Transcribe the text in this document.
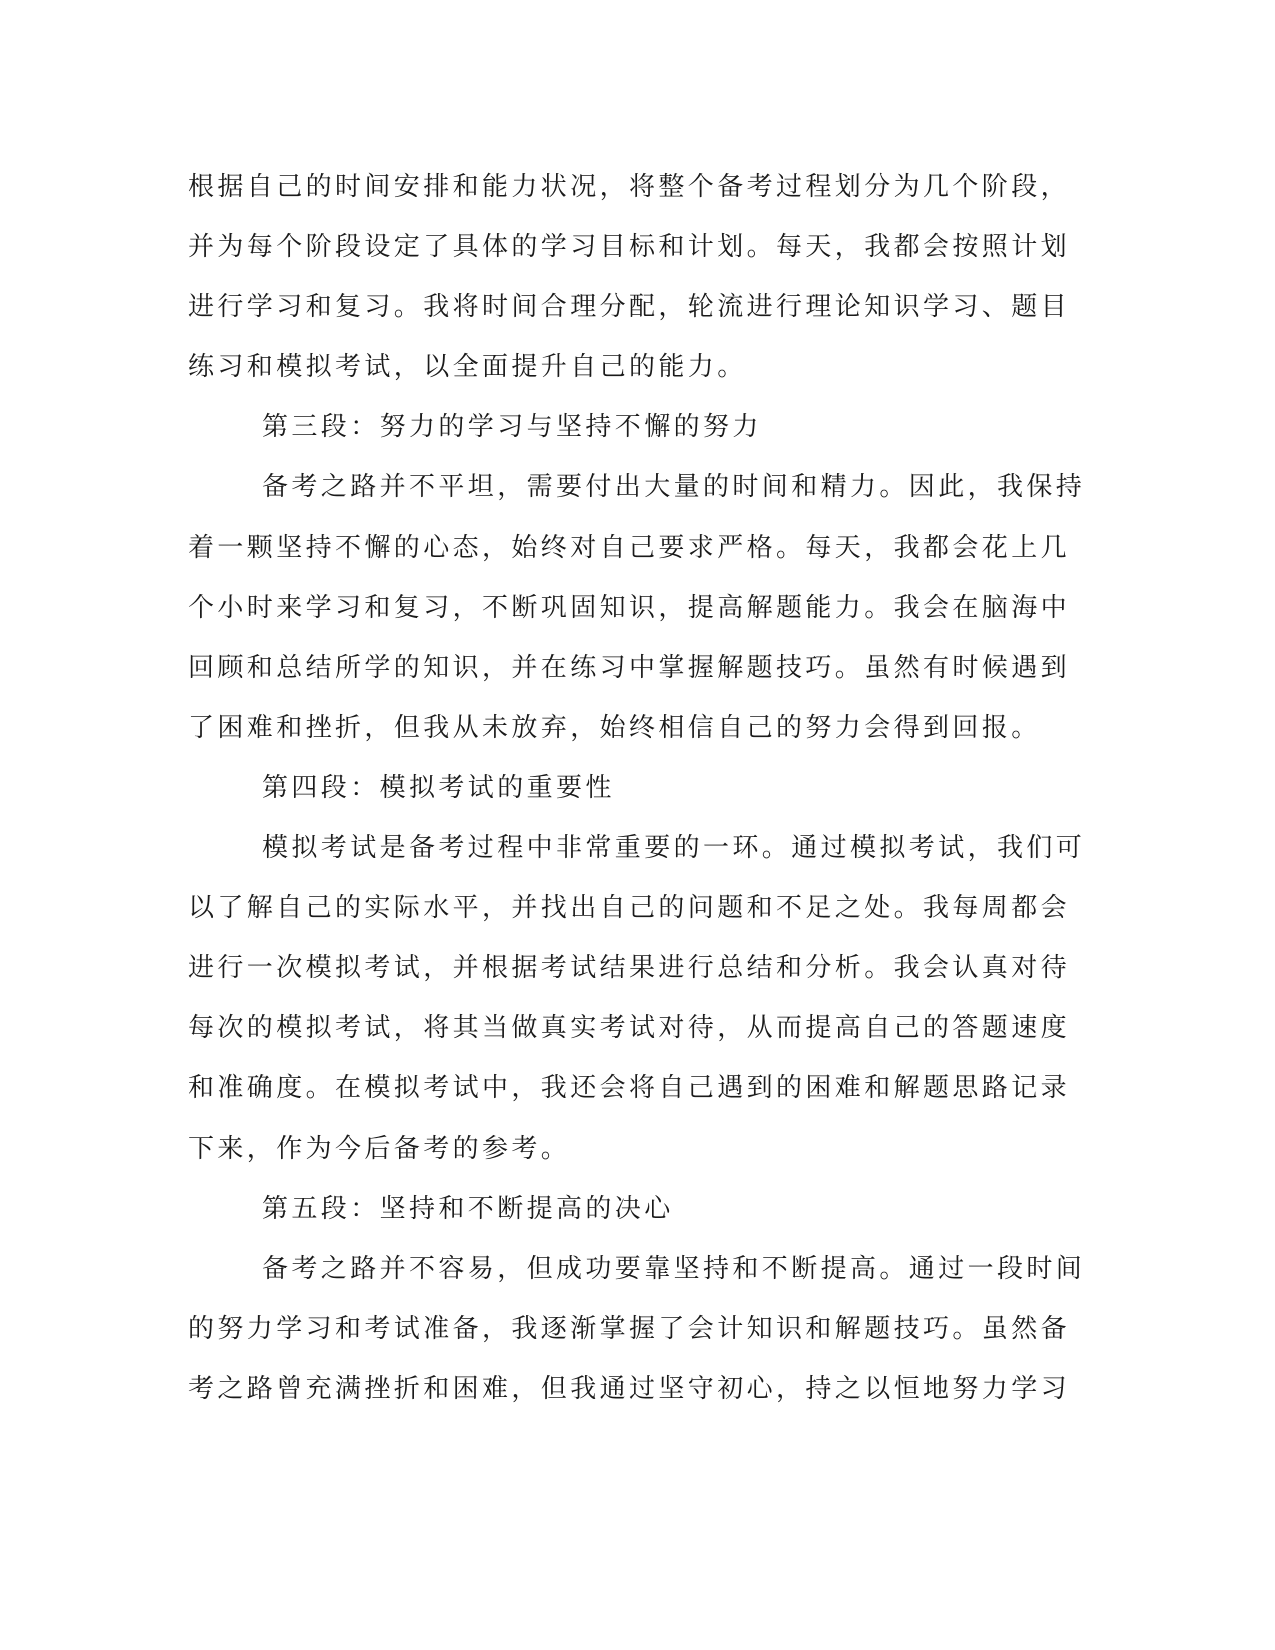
根据自己的时间安排和能力状况，将整个备考过程划分为几个阶段，
并为每个阶段设定了具体的学习目标和计划。每天，我都会按照计划
进行学习和复习。我将时间合理分配，轮流进行理论知识学习、题目
练习和模拟考试，以全面提升自己的能力。
第三段：努力的学习与坚持不懈的努力
备考之路并不平坦，需要付出大量的时间和精力。因此，我保持
着一颗坚持不懈的心态，始终对自己要求严格。每天，我都会花上几
个小时来学习和复习，不断巩固知识，提高解题能力。我会在脑海中
回顾和总结所学的知识，并在练习中掌握解题技巧。虽然有时候遇到
了困难和挫折，但我从未放弃，始终相信自己的努力会得到回报。
第四段：模拟考试的重要性
模拟考试是备考过程中非常重要的一环。通过模拟考试，我们可
以了解自己的实际水平，并找出自己的问题和不足之处。我每周都会
进行一次模拟考试，并根据考试结果进行总结和分析。我会认真对待
每次的模拟考试，将其当做真实考试对待，从而提高自己的答题速度
和准确度。在模拟考试中，我还会将自己遇到的困难和解题思路记录
下来，作为今后备考的参考。
第五段：坚持和不断提高的决心
备考之路并不容易，但成功要靠坚持和不断提高。通过一段时间
的努力学习和考试准备，我逐渐掌握了会计知识和解题技巧。虽然备
考之路曾充满挫折和困难，但我通过坚守初心，持之以恒地努力学习
